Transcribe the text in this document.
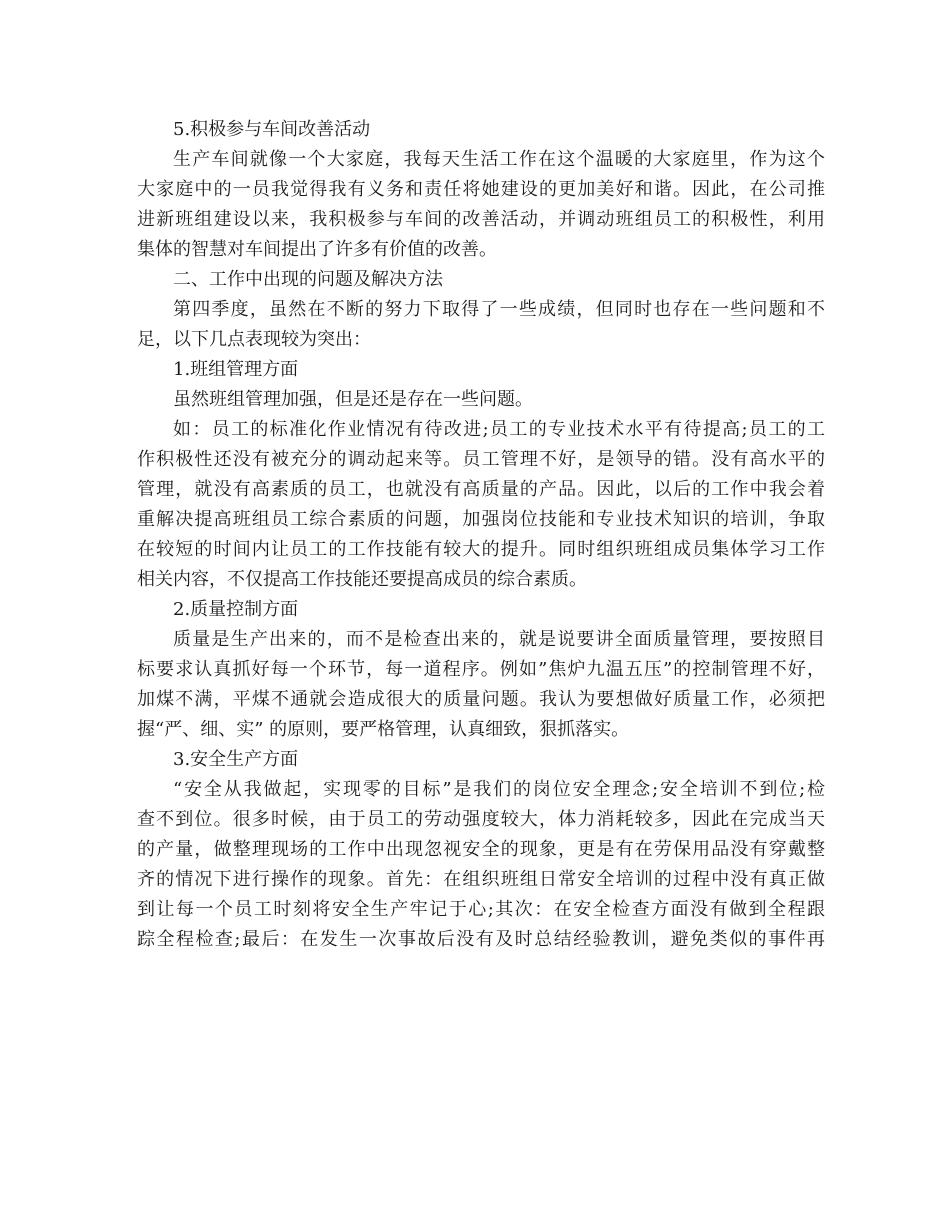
5.积极参与车间改善活动
生产车间就像一个大家庭，我每天生活工作在这个温暖的大家庭里，作为这个
大家庭中的一员我觉得我有义务和责任将她建设的更加美好和谐。因此，在公司推
进新班组建设以来，我积极参与车间的改善活动，并调动班组员工的积极性，利用
集体的智慧对车间提出了许多有价值的改善。
二、工作中出现的问题及解决方法
第四季度，虽然在不断的努力下取得了一些成绩，但同时也存在一些问题和不
足，以下几点表现较为突出：
1.班组管理方面
虽然班组管理加强，但是还是存在一些问题。
如：员工的标准化作业情况有待改进;员工的专业技术水平有待提高;员工的工
作积极性还没有被充分的调动起来等。员工管理不好，是领导的错。没有高水平的
管理，就没有高素质的员工，也就没有高质量的产品。因此，以后的工作中我会着
重解决提高班组员工综合素质的问题，加强岗位技能和专业技术知识的培训，争取
在较短的时间内让员工的工作技能有较大的提升。同时组织班组成员集体学习工作
相关内容，不仅提高工作技能还要提高成员的综合素质。
2.质量控制方面
质量是生产出来的，而不是检查出来的，就是说要讲全面质量管理，要按照目
标要求认真抓好每一个环节，每一道程序。例如”焦炉九温五压”的控制管理不好，
加煤不满，平煤不通就会造成很大的质量问题。我认为要想做好质量工作，必须把
握“严、细、实” 的原则，要严格管理，认真细致，狠抓落实。
3.安全生产方面
“安全从我做起，实现零的目标”是我们的岗位安全理念;安全培训不到位;检
查不到位。很多时候，由于员工的劳动强度较大，体力消耗较多，因此在完成当天
的产量，做整理现场的工作中出现忽视安全的现象，更是有在劳保用品没有穿戴整
齐的情况下进行操作的现象。首先：在组织班组日常安全培训的过程中没有真正做
到让每一个员工时刻将安全生产牢记于心;其次：在安全检查方面没有做到全程跟
踪全程检查;最后：在发生一次事故后没有及时总结经验教训，避免类似的事件再
